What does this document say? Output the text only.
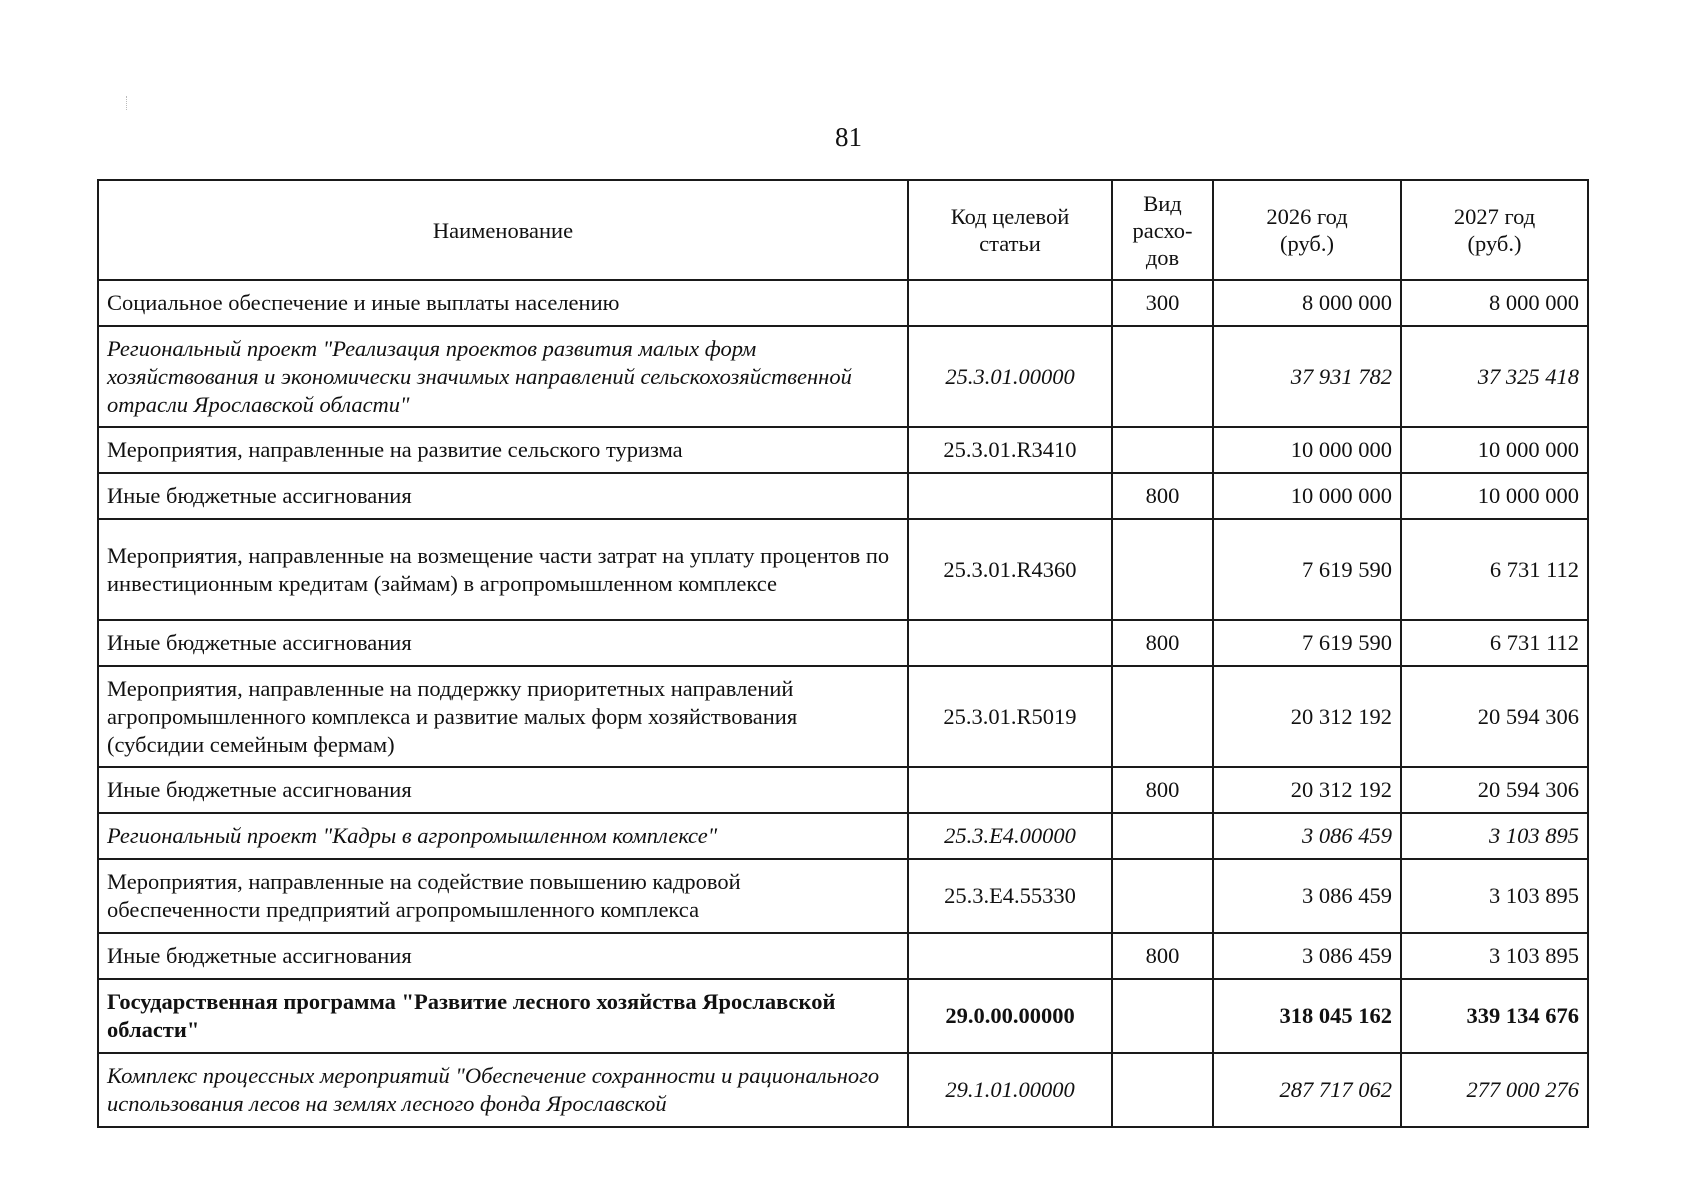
81
Наименование	Код целевой статьи	Вид расхо-дов	2026 год (руб.)	2027 год (руб.)
Социальное обеспечение и иные выплаты населению		300	8 000 000	8 000 000
Региональный проект "Реализация проектов развития малых форм хозяйствования и экономически значимых направлений сельскохозяйственной отрасли Ярославской области"	25.3.01.00000		37 931 782	37 325 418
Мероприятия, направленные на развитие сельского туризма	25.3.01.R3410		10 000 000	10 000 000
Иные бюджетные ассигнования		800	10 000 000	10 000 000
Мероприятия, направленные на возмещение части затрат на уплату процентов по инвестиционным кредитам (займам) в агропромышленном комплексе	25.3.01.R4360		7 619 590	6 731 112
Иные бюджетные ассигнования		800	7 619 590	6 731 112
Мероприятия, направленные на поддержку приоритетных направлений агропромышленного комплекса и развитие малых форм хозяйствования (субсидии семейным фермам)	25.3.01.R5019		20 312 192	20 594 306
Иные бюджетные ассигнования		800	20 312 192	20 594 306
Региональный проект "Кадры в агропромышленном комплексе"	25.3.Е4.00000		3 086 459	3 103 895
Мероприятия, направленные на содействие повышению кадровой обеспеченности предприятий агропромышленного комплекса	25.3.Е4.55330		3 086 459	3 103 895
Иные бюджетные ассигнования		800	3 086 459	3 103 895
Государственная программа "Развитие лесного хозяйства Ярославской области"	29.0.00.00000		318 045 162	339 134 676
Комплекс процессных мероприятий "Обеспечение сохранности и рационального использования лесов на землях лесного фонда Ярославской	29.1.01.00000		287 717 062	277 000 276
